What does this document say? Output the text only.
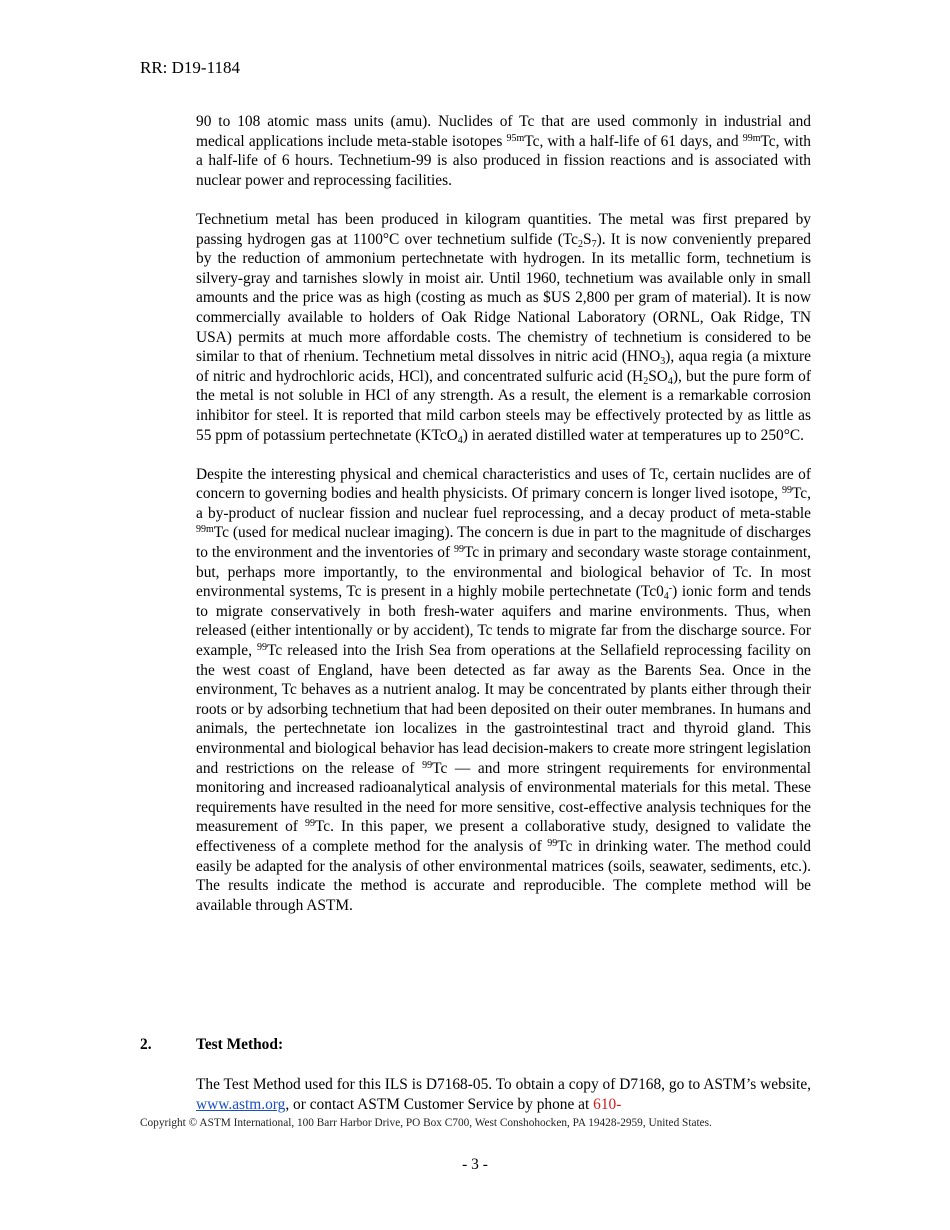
RR: D19-1184

90 to 108 atomic mass units (amu). Nuclides of Tc that are used commonly in industrial and medical applications include meta-stable isotopes $^{95m}$Tc, with a half-life of 61 days, and $^{99m}$Tc, with a half-life of 6 hours. Technetium-99 is also produced in fission reactions and is associated with nuclear power and reprocessing facilities.

Technetium metal has been produced in kilogram quantities. The metal was first prepared by passing hydrogen gas at 1100°C over technetium sulfide $(Tc_2S_7)$. It is now conveniently prepared by the reduction of ammonium pertechnetate with hydrogen. In its metallic form, technetium is silvery-gray and tarnishes slowly in moist air. Until 1960, technetium was available only in small amounts and the price was as high (costing as much as $US 2,800 per gram of material). It is now commercially available to holders of Oak Ridge National Laboratory (ORNL, Oak Ridge, TN USA) permits at much more affordable costs. The chemistry of technetium is considered to be similar to that of rhenium. Technetium metal dissolves in nitric acid $(HNO_3)$, aqua regia (a mixture of nitric and hydrochloric acids, HCl), and concentrated sulfuric acid $(H_2SO_4)$, but the pure form of the metal is not soluble in HCl of any strength. As a result, the element is a remarkable corrosion inhibitor for steel. It is reported that mild carbon steels may be effectively protected by as little as 55 ppm of potassium pertechnetate (KTcO$_4$) in aerated distilled water at temperatures up to 250°C.

Despite the interesting physical and chemical characteristics and uses of Tc, certain nuclides are of concern to governing bodies and health physicists. Of primary concern is longer lived isotope, $^{99}$Tc, a by-product of nuclear fission and nuclear fuel reprocessing, and a decay product of meta-stable $^{99m}$Tc (used for medical nuclear imaging). The concern is due in part to the magnitude of discharges to the environment and the inventories of $^{99}$Tc in primary and secondary waste storage containment, but, perhaps more importantly, to the environmental and biological behavior of Tc. In most environmental systems, Tc is present in a highly mobile pertechnetate $(Tc0_4^-)$ ionic form and tends to migrate conservatively in both fresh-water aquifers and marine environments. Thus, when released (either intentionally or by accident), Tc tends to migrate far from the discharge source. For example, $^{99}$Tc released into the Irish Sea from operations at the Sellafield reprocessing facility on the west coast of England, have been detected as far away as the Barents Sea. Once in the environment, Tc behaves as a nutrient analog. It may be concentrated by plants either through their roots or by adsorbing technetium that had been deposited on their outer membranes. In humans and animals, the pertechnetate ion localizes in the gastrointestinal tract and thyroid gland. This environmental and biological behavior has lead decision-makers to create more stringent legislation and restrictions on the release of $^{99}$Tc — and more stringent requirements for environmental monitoring and increased radioanalytical analysis of environmental materials for this metal. These requirements have resulted in the need for more sensitive, cost-effective analysis techniques for the measurement of $^{99}$Tc. In this paper, we present a collaborative study, designed to validate the effectiveness of a complete method for the analysis of $^{99}$Tc in drinking water. The method could easily be adapted for the analysis of other environmental matrices (soils, seawater, sediments, etc.). The results indicate the method is accurate and reproducible. The complete method will be available through ASTM.

2.	Test Method:
The Test Method used for this ILS is D7168-05. To obtain a copy of D7168, go to ASTM’s website, www.astm.org, or contact ASTM Customer Service by phone at 610-
Copyright © ASTM International, 100 Barr Harbor Drive, PO Box C700, West Conshohocken, PA 19428-2959, United States.
- 3 -
